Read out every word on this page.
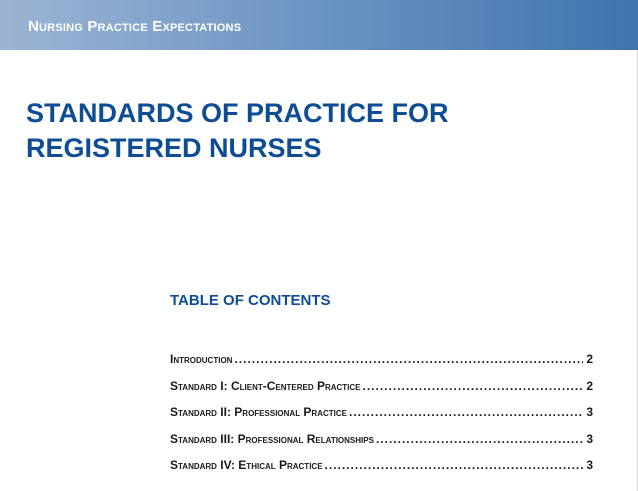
Nursing Practice Expectations
STANDARDS OF PRACTICE FOR
REGISTERED NURSES
TABLE OF CONTENTS
Introduction .....	2
Standard I: Client-Centered Practice .....	2
Standard II: Professional Practice .....	3
Standard III: Professional Relationships .....	3
Standard IV: Ethical Practice .....	3
